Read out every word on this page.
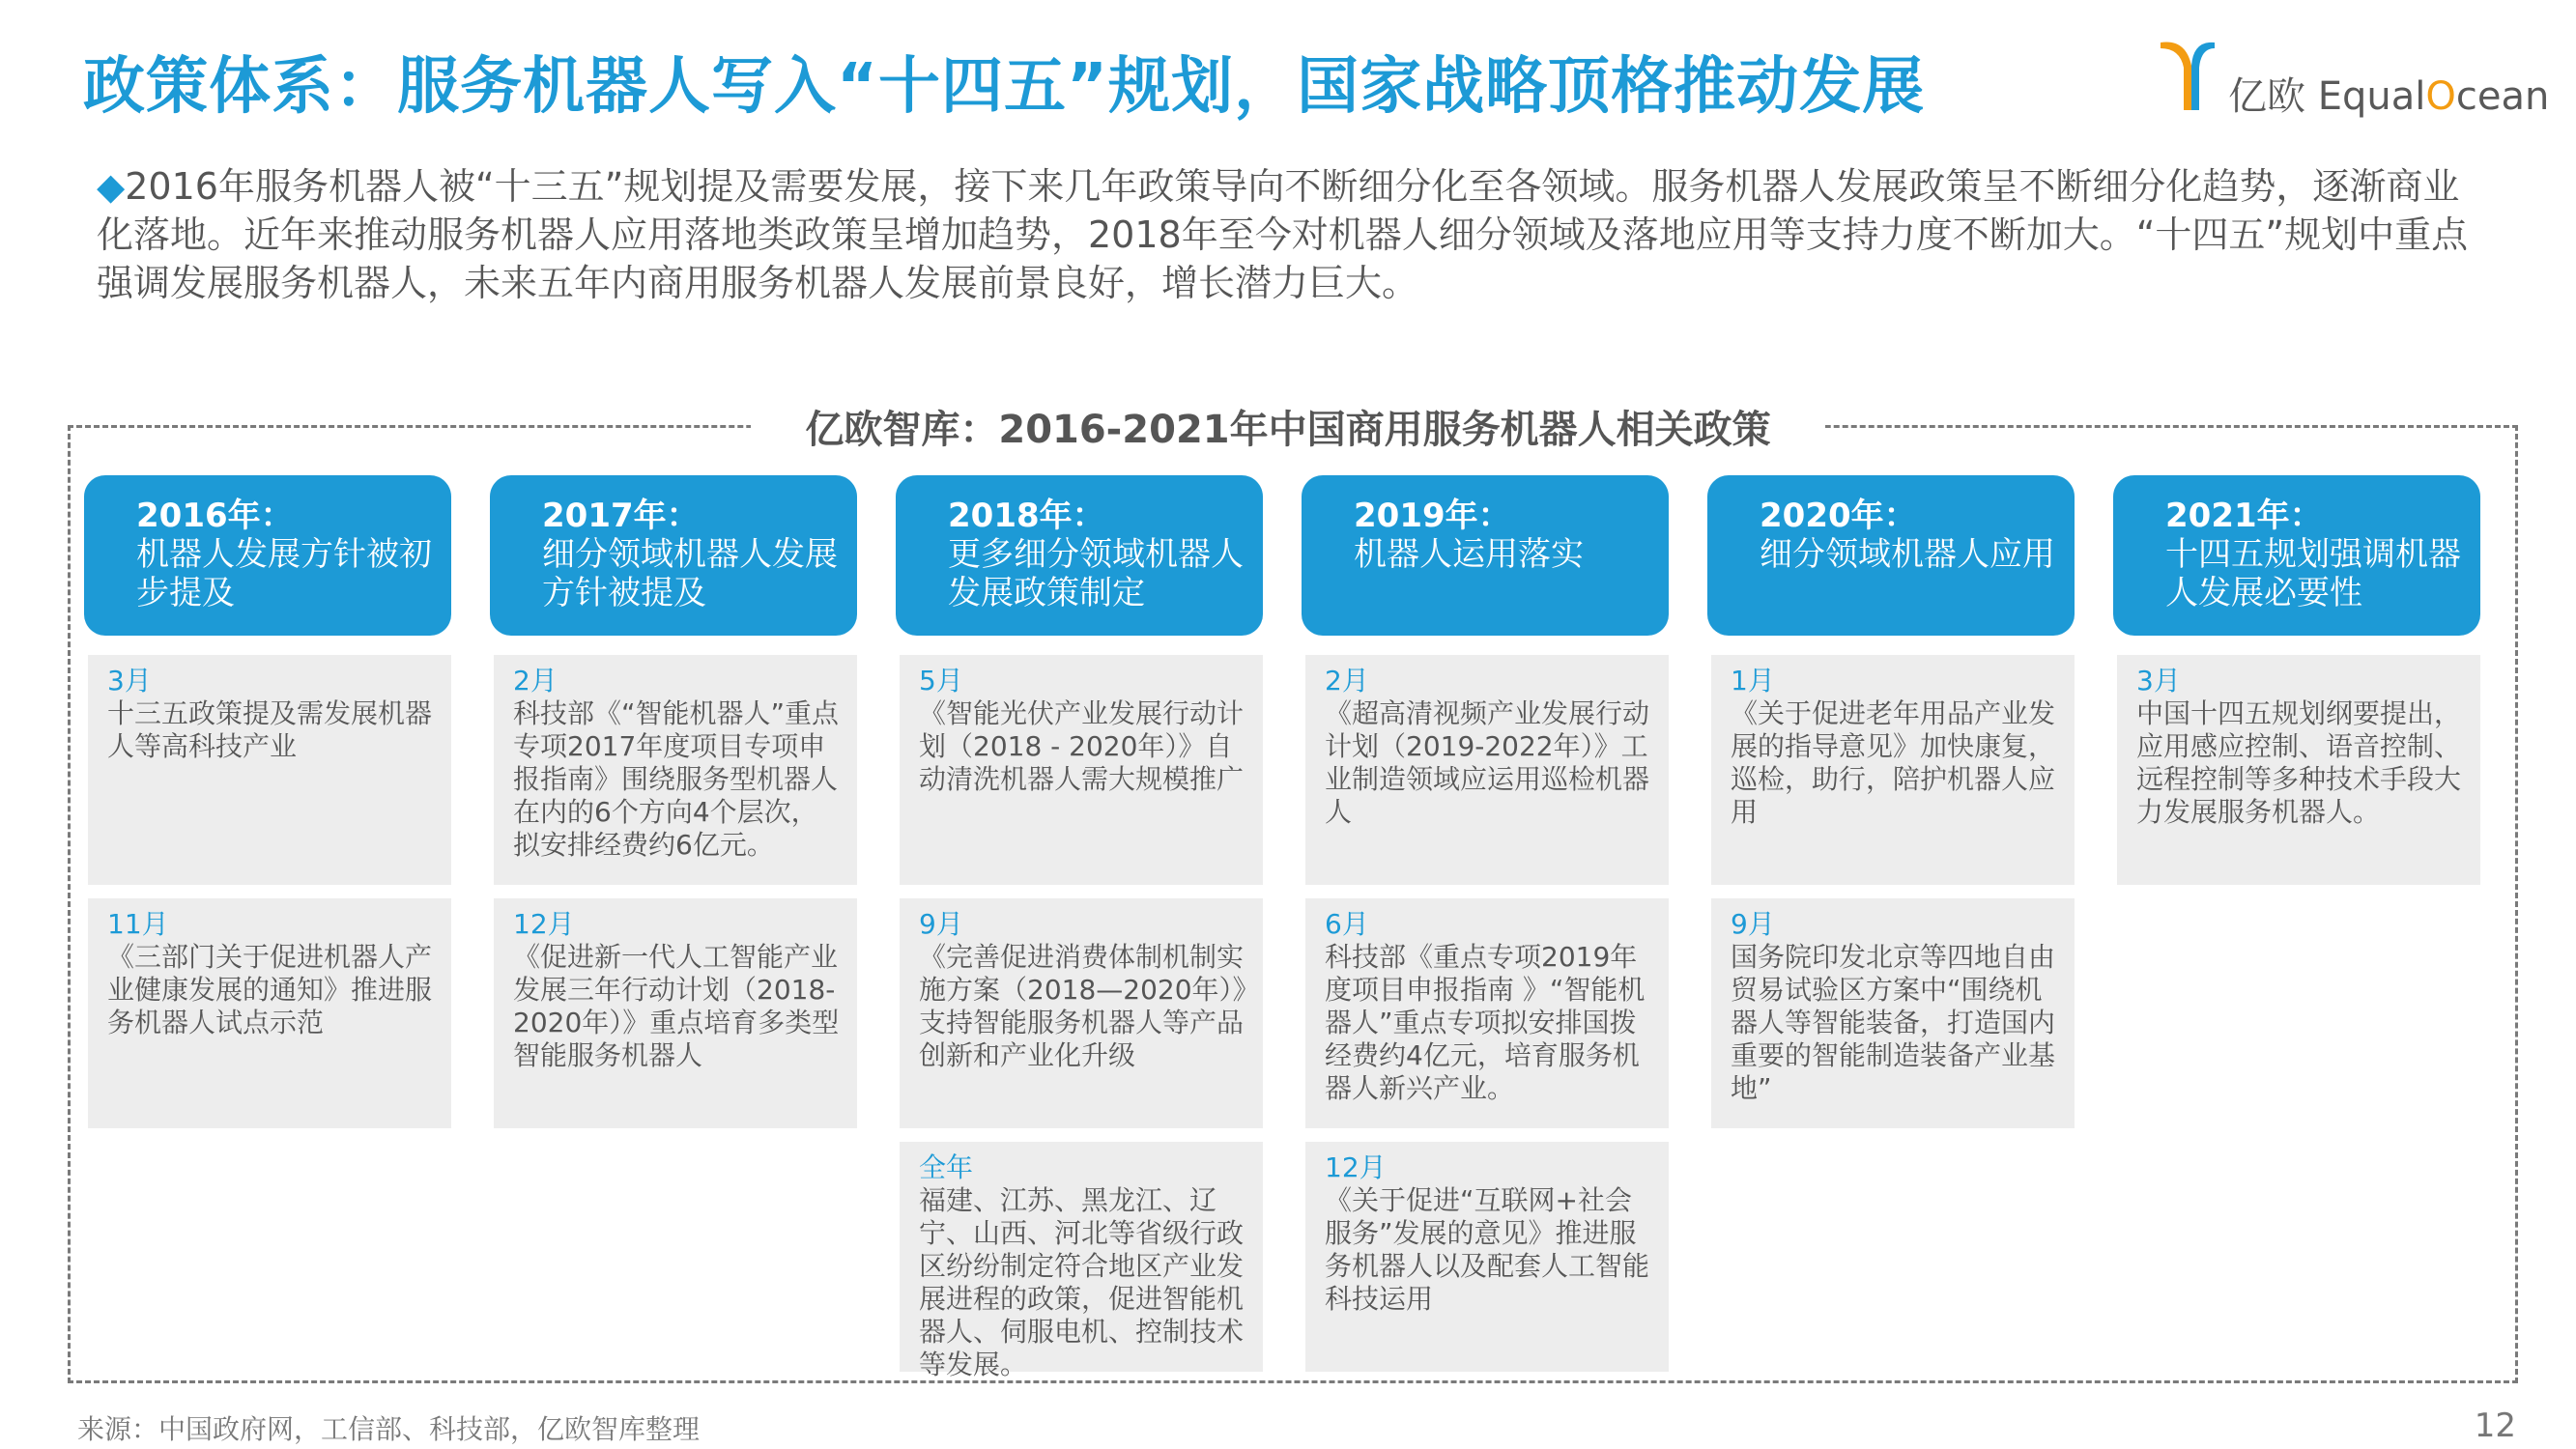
政策体系：服务机器人写入“十四五”规划，国家战略顶格推动发展	亿欧 EqualOcean
◆2016年服务机器人被“十三五”规划提及需要发展，接下来几年政策导向不断细分化至各领域。服务机器人发展政策呈不断细分化趋势，逐渐商业化落地。近年来推动服务机器人应用落地类政策呈增加趋势，2018年至今对机器人细分领域及落地应用等支持力度不断加大。“十四五”规划中重点强调发展服务机器人，未来五年内商用服务机器人发展前景良好，增长潜力巨大。
亿欧智库：2016-2021年中国商用服务机器人相关政策
2016年：
机器人发展方针被初步提及
3月
十三五政策提及需发展机器人等高科技产业
11月
《三部门关于促进机器人产业健康发展的通知》推进服务机器人试点示范
2017年：
细分领域机器人发展方针被提及
2月
科技部《“智能机器人”重点专项2017年度项目专项申报指南》围绕服务型机器人在内的6个方向4个层次，拟安排经费约6亿元。
12月
《促进新一代人工智能产业发展三年行动计划（2018-2020年）》重点培育多类型智能服务机器人
2018年：
更多细分领域机器人发展政策制定
5月
《智能光伏产业发展行动计划（2018 - 2020年）》自动清洗机器人需大规模推广
9月
《完善促进消费体制机制实施方案（2018—2020年）》支持智能服务机器人等产品创新和产业化升级
全年
福建、江苏、黑龙江、辽宁、山西、河北等省级行政区纷纷制定符合地区产业发展进程的政策，促进智能机器人、伺服电机、控制技术等发展。
2019年：
机器人运用落实
2月
《超高清视频产业发展行动计划（2019-2022年）》工业制造领域应运用巡检机器人
6月
科技部《重点专项2019年度项目申报指南 》“智能机器人”重点专项拟安排国拨经费约4亿元，培育服务机器人新兴产业。
12月
《关于促进“互联网+社会服务”发展的意见》推进服务机器人以及配套人工智能科技运用
2020年：
细分领域机器人应用
1月
《关于促进老年用品产业发展的指导意见》加快康复，巡检，助行，陪护机器人应用
9月
国务院印发北京等四地自由贸易试验区方案中“围绕机器人等智能装备，打造国内重要的智能制造装备产业基地”
2021年：
十四五规划强调机器人发展必要性
3月
中国十四五规划纲要提出，应用感应控制、语音控制、远程控制等多种技术手段大力发展服务机器人。
来源：中国政府网，工信部、科技部，亿欧智库整理	12
